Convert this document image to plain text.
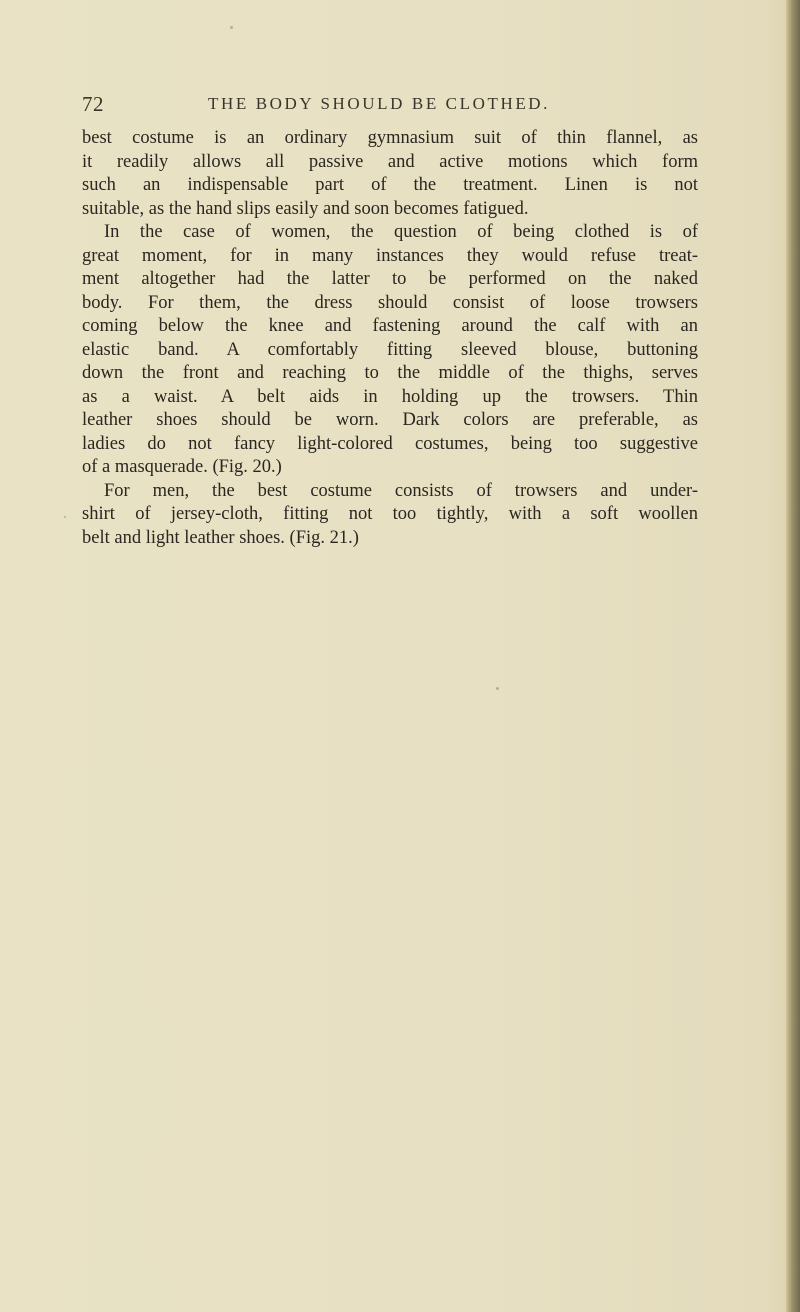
72	THE BODY SHOULD BE CLOTHED.
best costume is an ordinary gymnasium suit of thin flannel, as
it readily allows all passive and active motions which form
such an indispensable part of the treatment. Linen is not
suitable, as the hand slips easily and soon becomes fatigued.
In the case of women, the question of being clothed is of
great moment, for in many instances they would refuse treat-
ment altogether had the latter to be performed on the naked
body. For them, the dress should consist of loose trowsers
coming below the knee and fastening around the calf with an
elastic band. A comfortably fitting sleeved blouse, buttoning
down the front and reaching to the middle of the thighs, serves
as a waist. A belt aids in holding up the trowsers. Thin
leather shoes should be worn. Dark colors are preferable, as
ladies do not fancy light-colored costumes, being too suggestive
of a masquerade. (Fig. 20.)
For men, the best costume consists of trowsers and under-
shirt of jersey-cloth, fitting not too tightly, with a soft woollen
belt and light leather shoes. (Fig. 21.)
